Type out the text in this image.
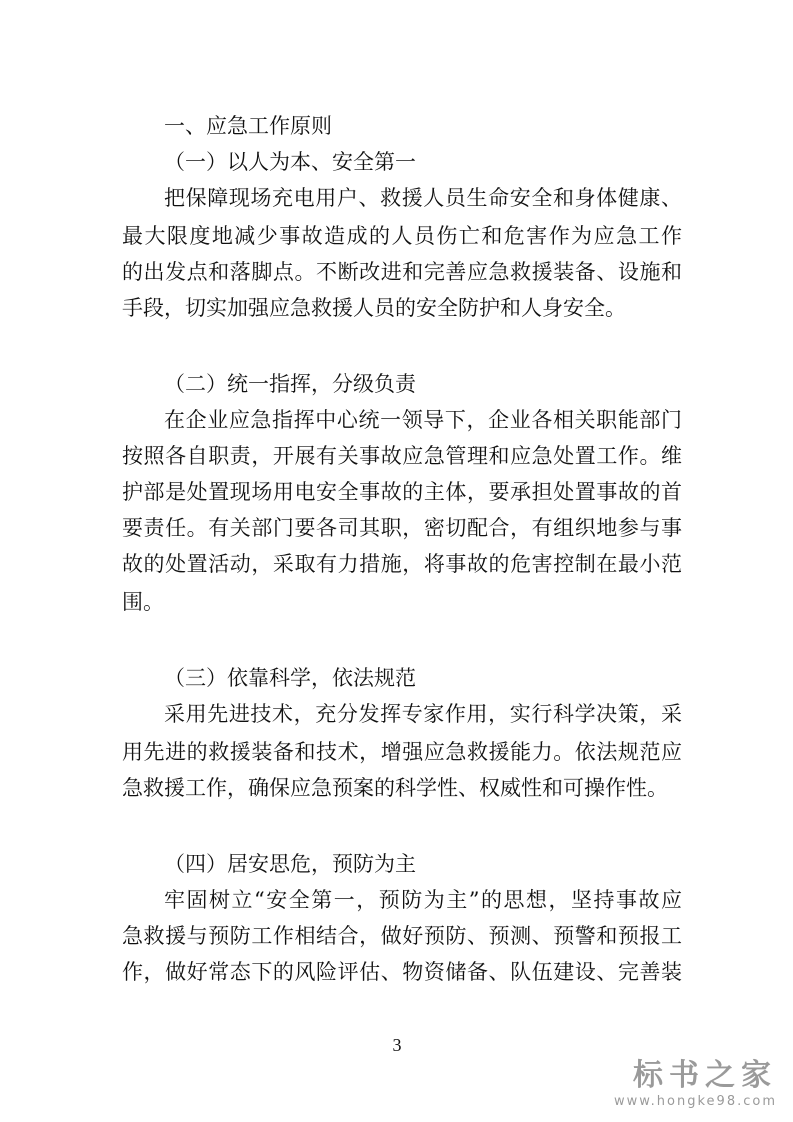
一、应急工作原则
（一）以人为本、安全第一
把保障现场充电用户、救援人员生命安全和身体健康、
最大限度地减少事故造成的人员伤亡和危害作为应急工作
的出发点和落脚点。不断改进和完善应急救援装备、设施和
手段，切实加强应急救援人员的安全防护和人身安全。
（二）统一指挥，分级负责
在企业应急指挥中心统一领导下，企业各相关职能部门
按照各自职责，开展有关事故应急管理和应急处置工作。维
护部是处置现场用电安全事故的主体，要承担处置事故的首
要责任。有关部门要各司其职，密切配合，有组织地参与事
故的处置活动，采取有力措施，将事故的危害控制在最小范
围。
（三）依靠科学，依法规范
采用先进技术，充分发挥专家作用，实行科学决策，采
用先进的救援装备和技术，增强应急救援能力。依法规范应
急救援工作，确保应急预案的科学性、权威性和可操作性。
（四）居安思危，预防为主
牢固树立“安全第一，预防为主”的思想，坚持事故应
急救援与预防工作相结合，做好预防、预测、预警和预报工
作，做好常态下的风险评估、物资储备、队伍建设、完善装
3
标书之家
www.hongke98.com
